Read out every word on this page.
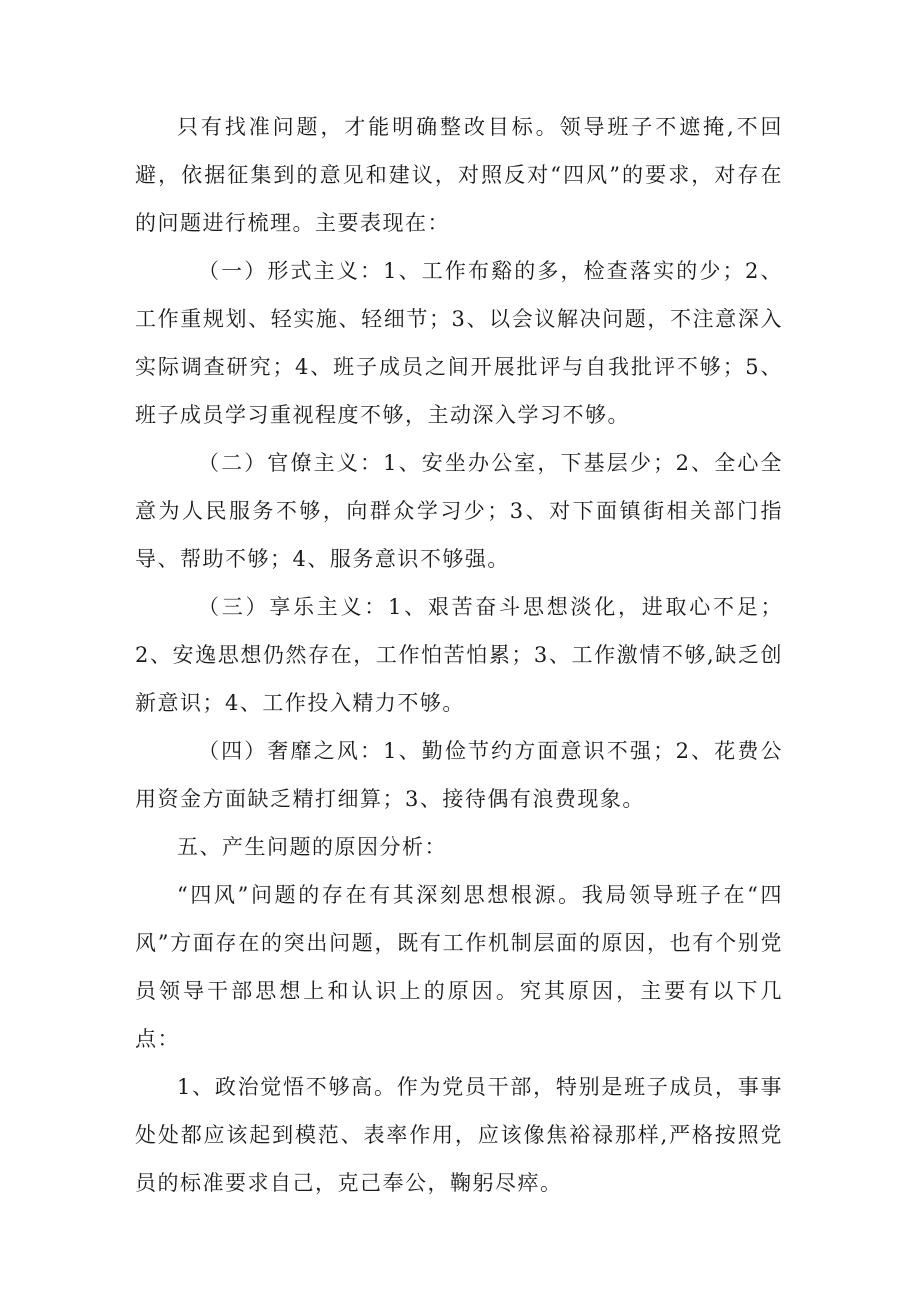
只有找准问题，才能明确整改目标。领导班子不遮掩,不回避，依据征集到的意见和建议，对照反对“四风”的要求，对存在的问题进行梳理。主要表现在：

（一）形式主义：1、工作布谿的多，检查落实的少；2、工作重规划、轻实施、轻细节；3、以会议解决问题，不注意深入实际调查研究；4、班子成员之间开展批评与自我批评不够；5、班子成员学习重视程度不够，主动深入学习不够。

（二）官僚主义：1、安坐办公室，下基层少；2、全心全意为人民服务不够，向群众学习少；3、对下面镇街相关部门指导、帮助不够；4、服务意识不够强。

（三）享乐主义：1、艰苦奋斗思想淡化，进取心不足；2、安逸思想仍然存在，工作怕苦怕累；3、工作激情不够,缺乏创新意识；4、工作投入精力不够。

（四）奢靡之风：1、勤俭节约方面意识不强；2、花费公用资金方面缺乏精打细算；3、接待偶有浪费现象。

五、产生问题的原因分析：

“四风”问题的存在有其深刻思想根源。我局领导班子在“四风”方面存在的突出问题，既有工作机制层面的原因，也有个别党员领导干部思想上和认识上的原因。究其原因，主要有以下几点：

1、政治觉悟不够高。作为党员干部，特别是班子成员，事事处处都应该起到模范、表率作用，应该像焦裕禄那样,严格按照党员的标准要求自己，克己奉公，鞠躬尽瘁。
